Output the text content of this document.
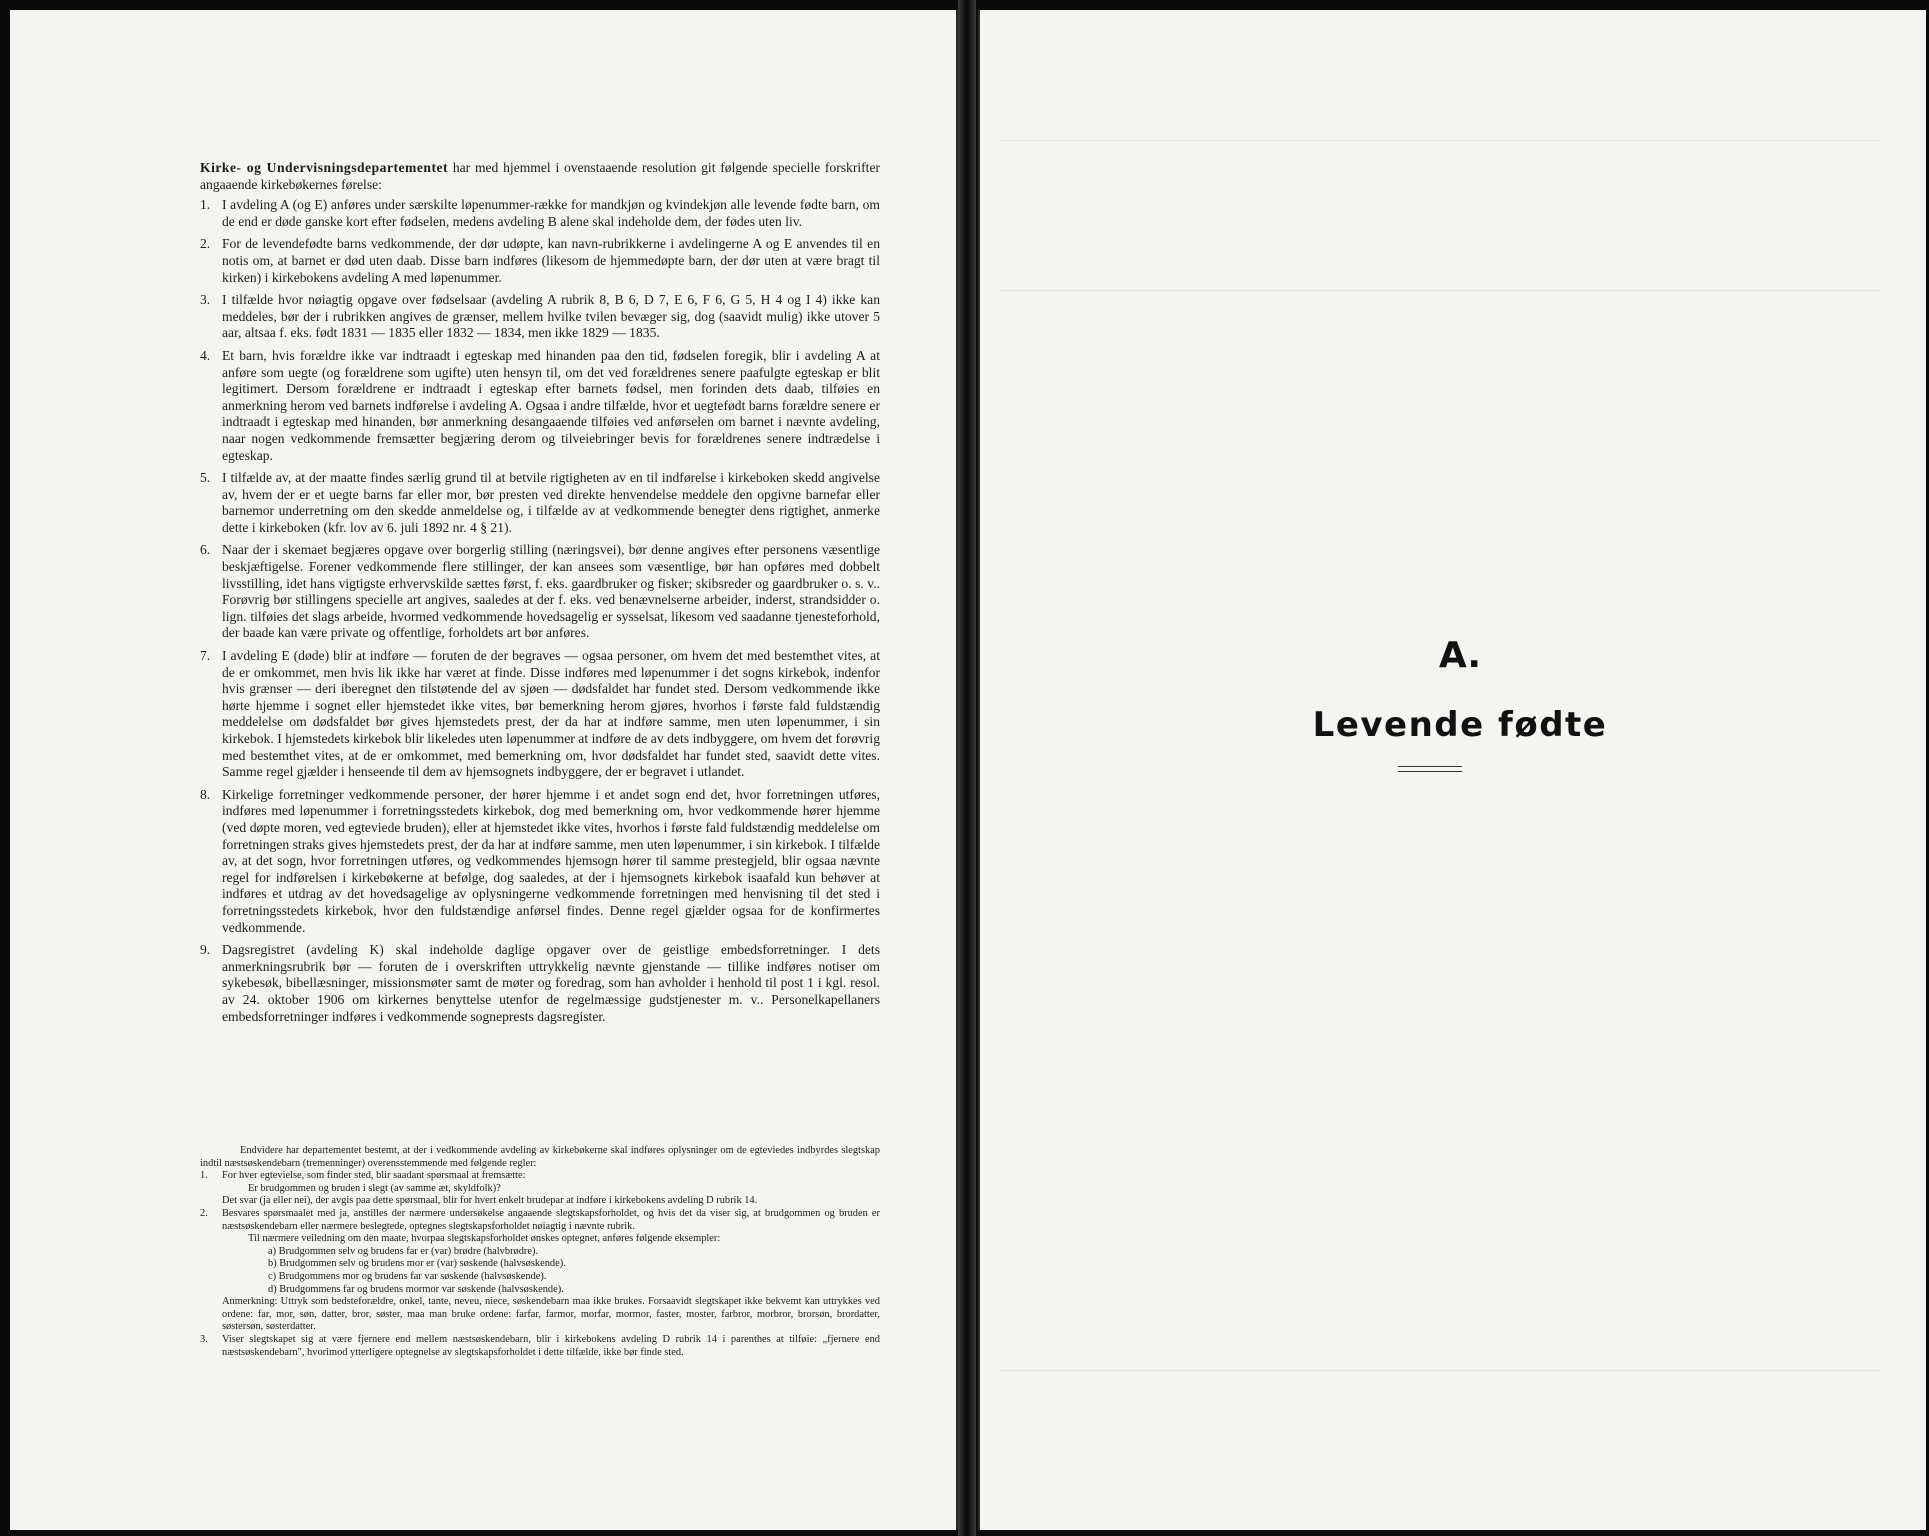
Kirke- og Undervisningsdepartementet har med hjemmel i ovenstaaende resolution git følgende specielle forskrifter angaaende kirkebøkernes førelse:

1. I avdeling A (og E) anføres under særskilte løpenummer-række for mandkjøn og kvindekjøn alle levende fødte barn, om de end er døde ganske kort efter fødselen, medens avdeling B alene skal indeholde dem, der fødes uten liv.
2. For de levendefødte barns vedkommende, der dør udøpte, kan navn-rubrikkerne i avdelingerne A og E anvendes til en notis om, at barnet er død uten daab. Disse barn indføres (likesom de hjemmedøpte barn, der dør uten at være bragt til kirken) i kirkebokens avdeling A med løpenummer.
3. I tilfælde hvor nøiagtig opgave over fødselsaar (avdeling A rubrik 8, B 6, D 7, E 6, F 6, G 5, H 4 og I 4) ikke kan meddeles, bør der i rubrikken angives de grænser, mellem hvilke tvilen bevæger sig, dog (saavidt mulig) ikke utover 5 aar, altsaa f. eks. født 1831 — 1835 eller 1832 — 1834, men ikke 1829 — 1835.
4. Et barn, hvis forældre ikke var indtraadt i egteskap med hinanden paa den tid, fødselen foregik, blir i avdeling A at anføre som uegte (og forældrene som ugifte) uten hensyn til, om det ved forældrenes senere paafulgte egteskap er blit legitimert. Dersom forældrene er indtraadt i egteskap efter barnets fødsel, men forinden dets daab, tilføies en anmerkning herom ved barnets indførelse i avdeling A. Ogsaa i andre tilfælde, hvor et uegtefødt barns forældre senere er indtraadt i egteskap med hinanden, bør anmerkning desangaaende tilføies ved anførselen om barnet i nævnte avdeling, naar nogen vedkommende fremsætter begjæring derom og tilveiebringer bevis for forældrenes senere indtrædelse i egteskap.
5. I tilfælde av, at der maatte findes særlig grund til at betvile rigtigheten av en til indførelse i kirkeboken skedd angivelse av, hvem der er et uegte barns far eller mor, bør presten ved direkte henvendelse meddele den opgivne barnefar eller barnemor underretning om den skedde anmeldelse og, i tilfælde av at vedkommende benegter dens rigtighet, anmerke dette i kirkeboken (kfr. lov av 6. juli 1892 nr. 4 § 21).
6. Naar der i skemaet begjæres opgave over borgerlig stilling (næringsvei), bør denne angives efter personens væsentlige beskjæftigelse. Forener vedkommende flere stillinger, der kan ansees som væsentlige, bør han opføres med dobbelt livsstilling, idet hans vigtigste erhvervskilde sættes først, f. eks. gaardbruker og fisker; skibsreder og gaardbruker o. s. v.. Forøvrig bør stillingens specielle art angives, saaledes at der f. eks. ved benævnelserne arbeider, inderst, strandsidder o. lign. tilføies det slags arbeide, hvormed vedkommende hovedsagelig er sysselsat, likesom ved saadanne tjenesteforhold, der baade kan være private og offentlige, forholdets art bør anføres.
7. I avdeling E (døde) blir at indføre — foruten de der begraves — ogsaa personer, om hvem det med bestemthet vites, at de er omkommet, men hvis lik ikke har været at finde. Disse indføres med løpenummer i det sogns kirkebok, indenfor hvis grænser — deri iberegnet den tilstøtende del av sjøen — dødsfaldet har fundet sted. Dersom vedkommende ikke hørte hjemme i sognet eller hjemstedet ikke vites, bør bemerkning herom gjøres, hvorhos i første fald fuldstændig meddelelse om dødsfaldet bør gives hjemstedets prest, der da har at indføre samme, men uten løpenummer, i sin kirkebok. I hjemstedets kirkebok blir likeledes uten løpenummer at indføre de av dets indbyggere, om hvem det forøvrig med bestemthet vites, at de er omkommet, med bemerkning om, hvor dødsfaldet har fundet sted, saavidt dette vites. Samme regel gjælder i henseende til dem av hjemsognets indbyggere, der er begravet i utlandet.
8. Kirkelige forretninger vedkommende personer, der hører hjemme i et andet sogn end det, hvor forretningen utføres, indføres med løpenummer i forretningsstedets kirkebok, dog med bemerkning om, hvor vedkommende hører hjemme (ved døpte moren, ved egteviede bruden), eller at hjemstedet ikke vites, hvorhos i første fald fuldstændig meddelelse om forretningen straks gives hjemstedets prest, der da har at indføre samme, men uten løpenummer, i sin kirkebok. I tilfælde av, at det sogn, hvor forretningen utføres, og vedkommendes hjemsogn hører til samme prestegjeld, blir ogsaa nævnte regel for indførelsen i kirkebøkerne at befølge, dog saaledes, at der i hjemsognets kirkebok isaafald kun behøver at indføres et utdrag av det hovedsagelige av oplysningerne vedkommende forretningen med henvisning til det sted i forretningsstedets kirkebok, hvor den fuldstændige anførsel findes. Denne regel gjælder ogsaa for de konfirmertes vedkommende.
9. Dagsregistret (avdeling K) skal indeholde daglige opgaver over de geistlige embedsforretninger. I dets anmerkningsrubrik bør — foruten de i overskriften uttrykkelig nævnte gjenstande — tillike indføres notiser om sykebesøk, bibellæsninger, missionsmøter samt de møter og foredrag, som han avholder i henhold til post 1 i kgl. resol. av 24. oktober 1906 om kirkernes benyttelse utenfor de regelmæssige gudstjenester m. v.. Personelkapellaners embedsforretninger indføres i vedkommende sogneprests dagsregister.

Endvidere har departementet bestemt, at der i vedkommende avdeling av kirkebøkerne skal indføres oplysninger om de egteviedes indbyrdes slegtskap indtil næstsøskendebarn (tremenninger) overensstemmende med følgende regler:

1.	For hver egtevielse, som finder sted, blir saadant spørsmaal at fremsætte:
Er brudgommen og bruden i slegt (av samme æt, skyldfolk)?
Det svar (ja eller nei), der avgis paa dette spørsmaal, blir for hvert enkelt brudepar at indføre i kirkebokens avdeling D rubrik 14.
2.	Besvares spørsmaalet med ja, anstilles der nærmere undersøkelse angaaende slegtskapsforholdet, og hvis det da viser sig, at brudgommen og bruden er næstsøskendebarn eller nærmere beslegtede, optegnes slegtskapsforholdet nøiagtig i nævnte rubrik.
Til nærmere veiledning om den maate, hvorpaa slegtskapsforholdet ønskes optegnet, anføres følgende eksempler:
a) Brudgommen selv og brudens far er (var) brødre (halvbrødre).
b) Brudgommen selv og brudens mor er (var) søskende (halvsøskende).
c) Brudgommens mor og brudens far var søskende (halvsøskende).
d) Brudgommens far og brudens mormor var søskende (halvsøskende).
Anmerkning: Uttryk som bedsteforældre, onkel, tante, neveu, niece, søskendebarn maa ikke brukes. Forsaavidt slegtskapet ikke bekvemt kan uttrykkes ved ordene: far, mor, søn, datter, bror, søster, maa man bruke ordene: farfar, farmor, morfar, mormor, faster, moster, farbror, morbror, brorsøn, brordatter, søstersøn, søsterdatter.
3.	Viser slegtskapet sig at være fjernere end mellem næstsøskendebarn, blir i kirkebokens avdeling D rubrik 14 i parenthes at tilføie: „fjernere end næstsøskendebarn", hvorimod ytterligere optegnelse av slegtskapsforholdet i dette tilfælde, ikke bør finde sted.
A.
Levende fødte
